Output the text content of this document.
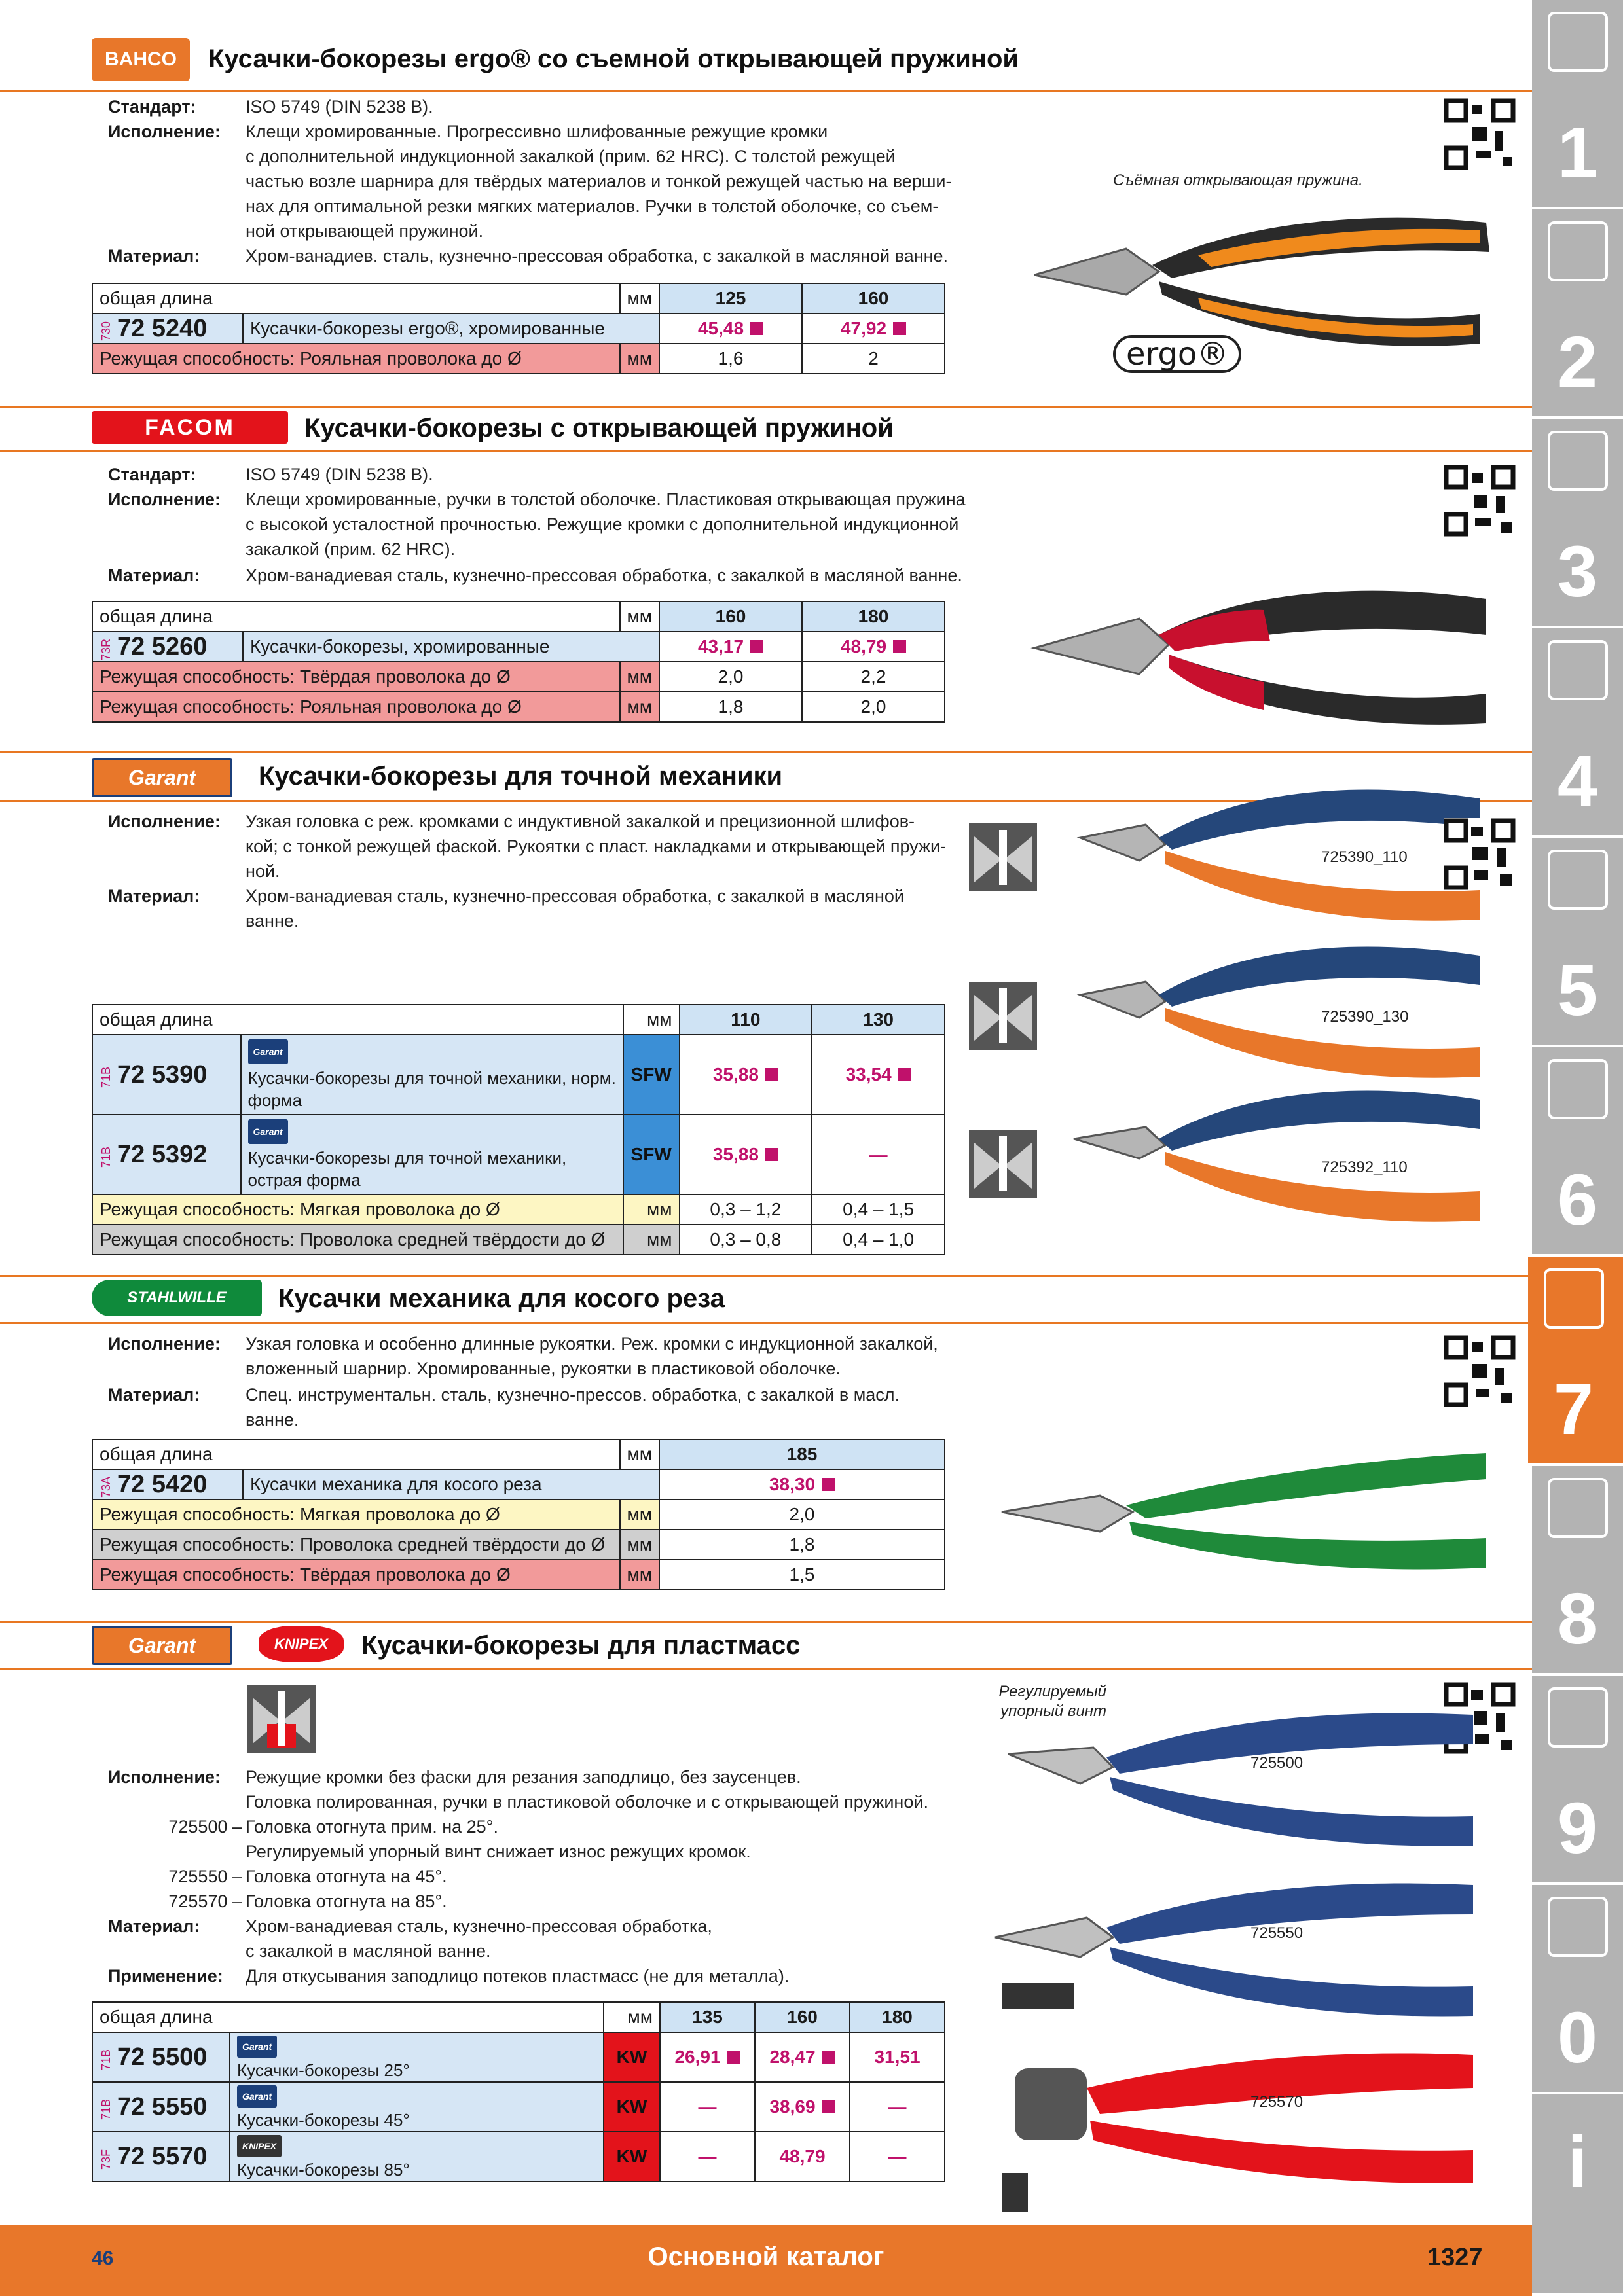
BAHCO	Кусачки-бокорезы ergo® со съемной открывающей пружиной
Стандарт:	ISO 5749 (DIN 5238 B).
Исполнение: Клещи хромированные. Прогрессивно шлифованные режущие кромки
с дополнительной индукционной закалкой (прим. 62 HRC). С толстой режущей
частью возле шарнира для твёрдых материалов и тонкой режущей частью на верши-
нах для оптимальной резки мягких материалов. Ручки в толстой оболочке, со съем-
ной открывающей пружиной.
Материал:	Хром-ванадиев. сталь, кузнечно-прессовая обработка, с закалкой в масляной ванне.
общая длина		мм	125	160
730 72 5240	Кусачки-бокорезы ergo®, хромированные		45,48	47,92
Режущая способность: Рояльная проволока до Ø		мм	1,6	2
Съёмная открывающая пружина.
ergo®
FACOM	Кусачки-бокорезы с открывающей пружиной
Стандарт:	ISO 5749 (DIN 5238 B).
Исполнение: Клещи хромированные, ручки в толстой оболочке. Пластиковая открывающая пружина
с высокой усталостной прочностью. Режущие кромки с дополнительной индукционной
закалкой (прим. 62 HRC).
Материал:	Хром-ванадиевая сталь, кузнечно-прессовая обработка, с закалкой в масляной ванне.
общая длина		мм	160	180
73R 72 5260	Кусачки-бокорезы, хромированные		43,17	48,79
Режущая способность: Твёрдая проволока до Ø		мм	2,0	2,2
Режущая способность: Рояльная проволока до Ø		мм	1,8	2,0
Garant	Кусачки-бокорезы для точной механики
Исполнение: Узкая головка с реж. кромками с индуктивной закалкой и прецизионной шлифов-
кой; с тонкой режущей фаской. Рукоятки с пласт. накладками и открывающей пружи-
ной.
Материал:	Хром-ванадиевая сталь, кузнечно-прессовая обработка, с закалкой в масляной
ванне.
общая длина		мм	110	130
71B 72 5390	Garant
Кусачки-бокорезы для точной механики, норм.
форма	SFW	35,88	33,54
71B 72 5392	Garant
Кусачки-бокорезы для точной механики,
острая форма	SFW	35,88	—
Режущая способность: Мягкая проволока до Ø		мм	0,3 – 1,2	0,4 – 1,5
Режущая способность: Проволока средней твёрдости до Ø		мм	0,3 – 0,8	0,4 – 1,0
725390_110
725390_130
725392_110
STAHLWILLE	Кусачки механика для косого реза
Исполнение: Узкая головка и особенно длинные рукоятки. Реж. кромки с индукционной закалкой,
вложенный шарнир. Хромированные, рукоятки в пластиковой оболочке.
Материал:	Спец. инструментальн. сталь, кузнечно-прессов. обработка, с закалкой в масл.
ванне.
общая длина		мм	185
73A 72 5420	Кусачки механика для косого реза		38,30
Режущая способность: Мягкая проволока до Ø		мм	2,0
Режущая способность: Проволока средней твёрдости до Ø		мм	1,8
Режущая способность: Твёрдая проволока до Ø		мм	1,5
Garant	KNIPEX	Кусачки-бокорезы для пластмасс
Исполнение: Режущие кромки без фаски для резания заподлицо, без заусенцев.
Головка полированная, ручки в пластиковой оболочке и с открывающей пружиной.
725500 – Головка отогнута прим. на 25°.
Регулируемый упорный винт снижает износ режущих кромок.
725550 – Головка отогнута на 45°.
725570 – Головка отогнута на 85°.
Материал:	Хром-ванадиевая сталь, кузнечно-прессовая обработка,
с закалкой в масляной ванне.
Применение: Для откусывания заподлицо потеков пластмасс (не для металла).
общая длина		мм	135	160	180
71B 72 5500	Garant
Кусачки-бокорезы 25°	KW	26,91	28,47	31,51
71B 72 5550	Garant
Кусачки-бокорезы 45°	KW	—	38,69	—
73F 72 5570	KNIPEX
Кусачки-бокорезы 85°	KW	—	48,79	—
Регулируемый упорный винт
725500
725550
725570
1
2
3
4
5
6
7
8
9
0
i
46	Основной каталог	1327
